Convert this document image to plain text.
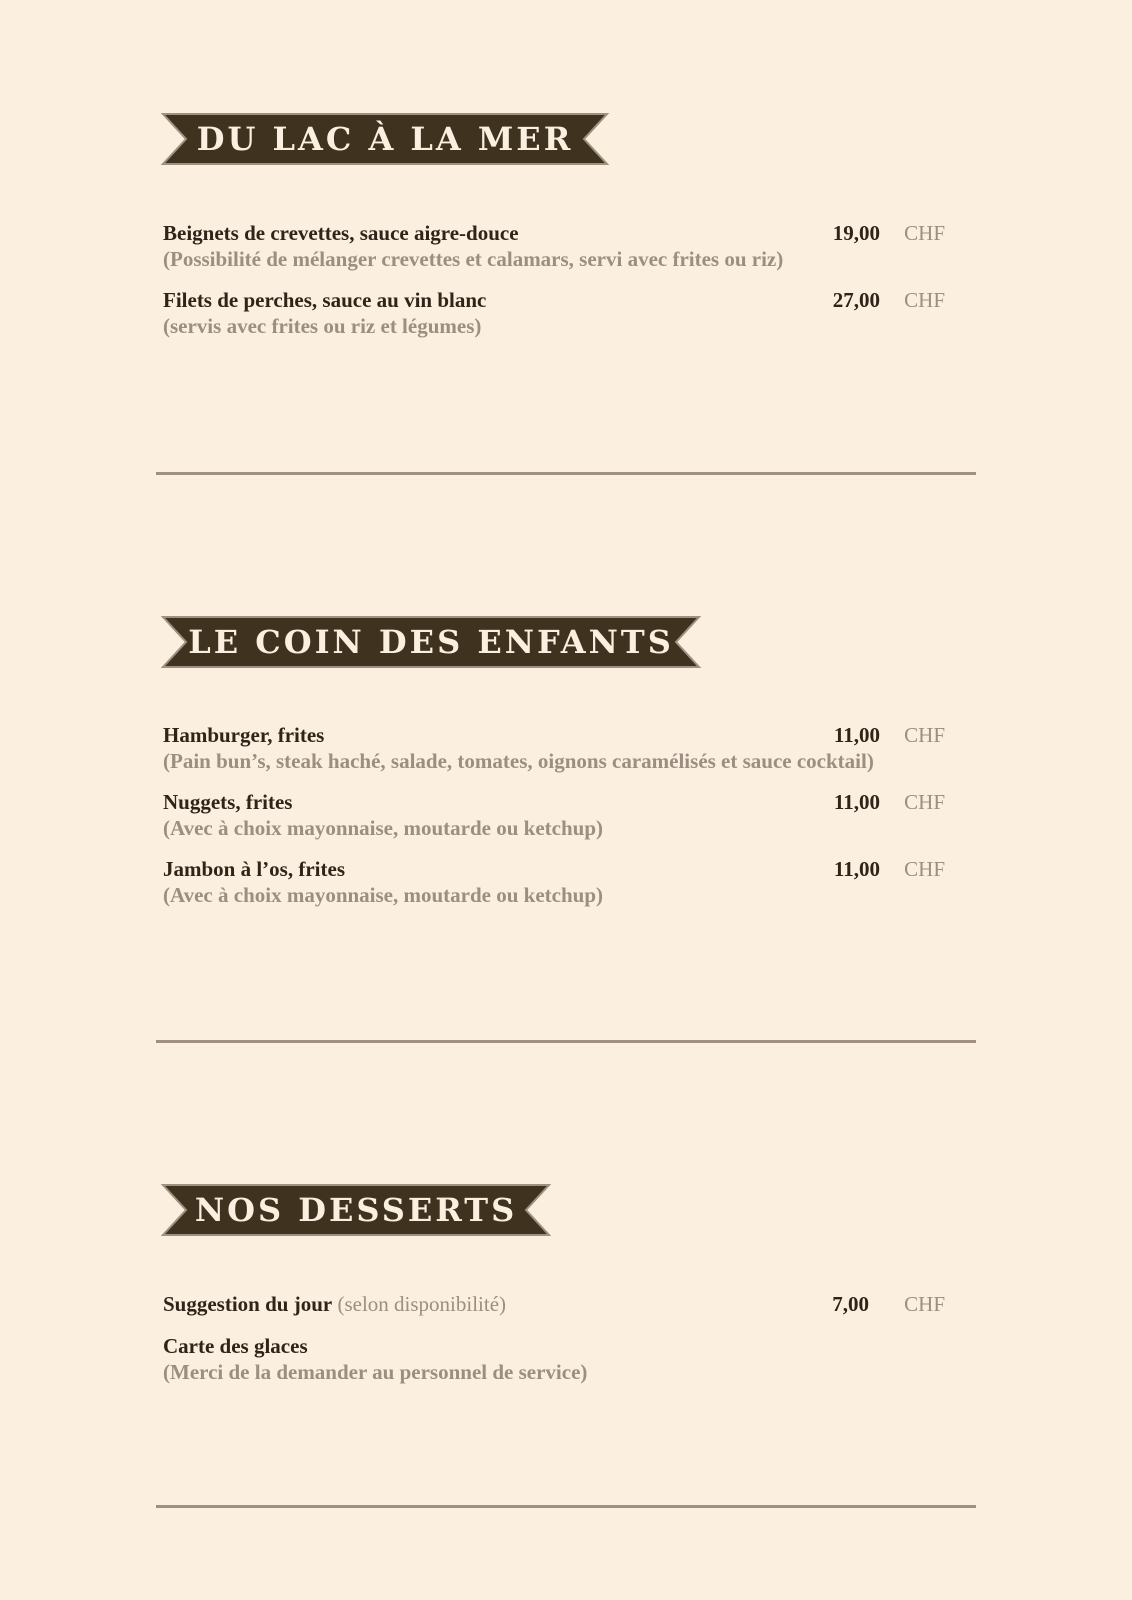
DU LAC À LA MER
Beignets de crevettes, sauce aigre-douce
(Possibilité de mélanger crevettes et calamars, servi avec frites ou riz)
19,00 CHF
Filets de perches, sauce au vin blanc
(servis avec frites ou riz et légumes)
27,00 CHF
LE COIN DES ENFANTS
Hamburger, frites
(Pain bun’s, steak haché, salade, tomates, oignons caramélisés et sauce cocktail)
11,00 CHF
Nuggets, frites
(Avec à choix mayonnaise, moutarde ou ketchup)
11,00 CHF
Jambon à l’os, frites
(Avec à choix mayonnaise, moutarde ou ketchup)
11,00 CHF
NOS DESSERTS
Suggestion du jour (selon disponibilité)	7,00 CHF
Carte des glaces
(Merci de la demander au personnel de service)
